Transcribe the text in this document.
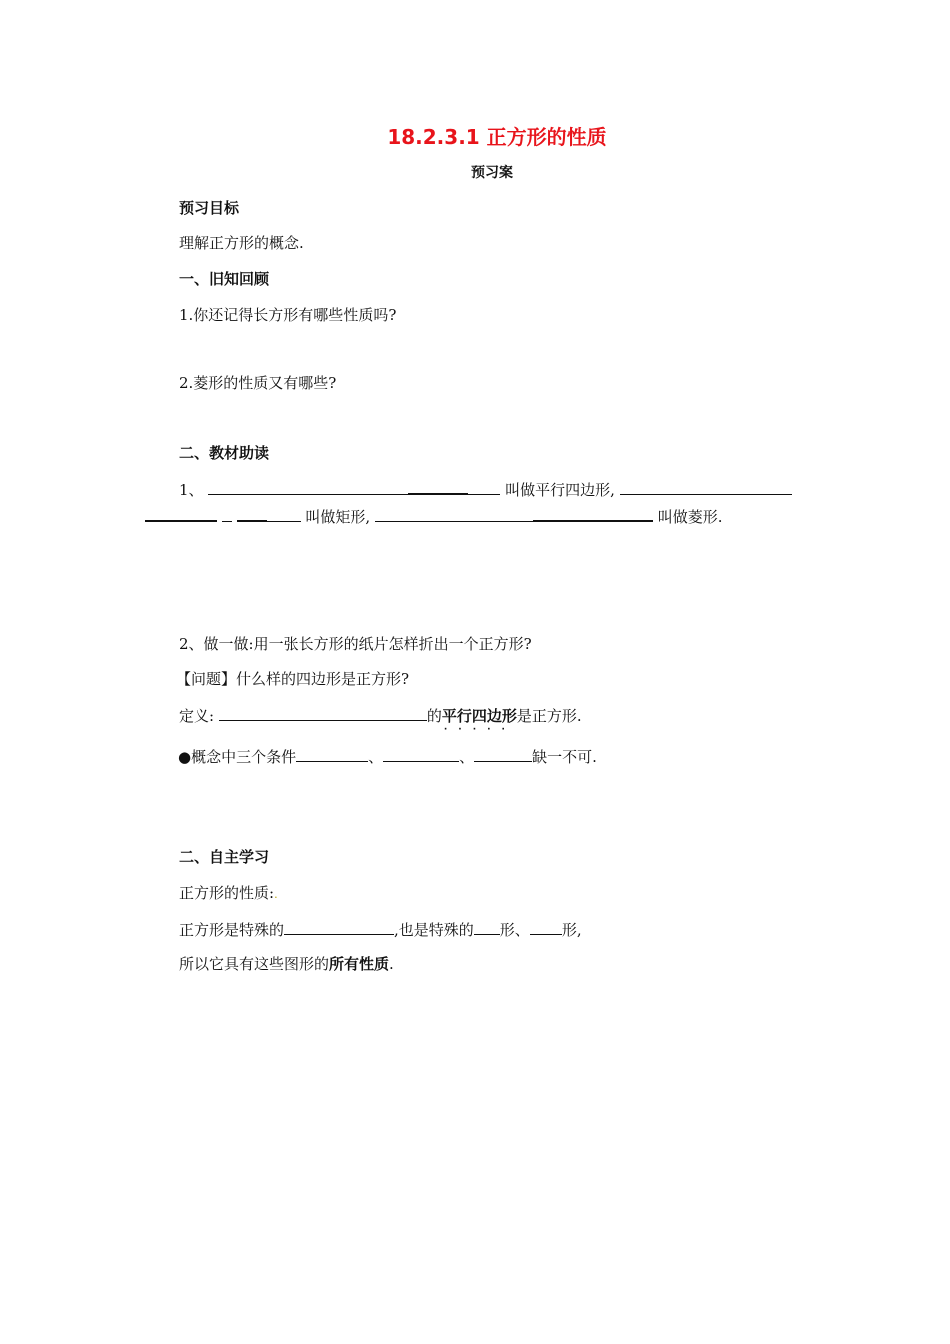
18.2.3.1 正方形的性质
预习案
预习目标
理解正方形的概念.
一、旧知回顾
1.你还记得长方形有哪些性质吗?
2.菱形的性质又有哪些?
二、教材助读
1、	叫做平行四边形,
叫做矩形,	叫做菱形.
2、做一做:用一张长方形的纸片怎样折出一个正方形?
【问题】什么样的四边形是正方形?
定义:	的平行四边形
·····
是正方形.
●概念中三个条件	、	、	缺一不可.
二、自主学习
正方形的性质:.
正方形是特殊的	,也是特殊的 形、 形,
所以它具有这些图形的所有性质.
